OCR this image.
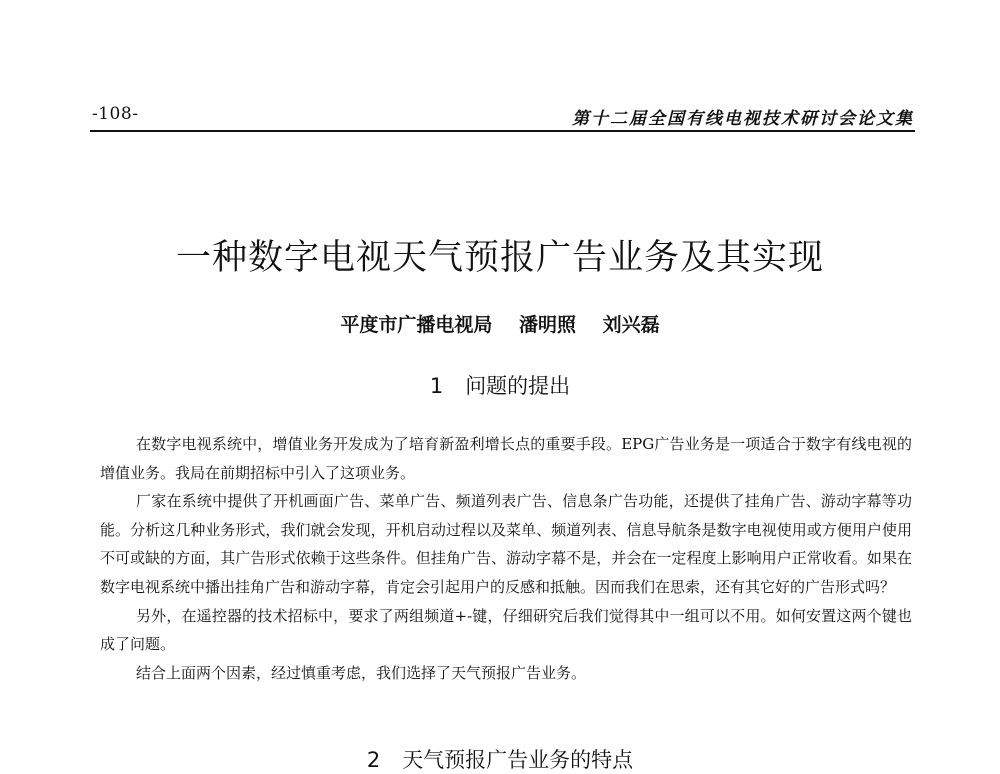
-108-	第十二届全国有线电视技术研讨会论文集
一种数字电视天气预报广告业务及其实现
平度市广播电视局 潘明照 刘兴磊
1 问题的提出

在数字电视系统中，增值业务开发成为了培育新盈利增长点的重要手段。EPG广告业务是一项适合于数字有线电视的增值业务。我局在前期招标中引入了这项业务。

厂家在系统中提供了开机画面广告、菜单广告、频道列表广告、信息条广告功能，还提供了挂角广告、游动字幕等功能。分析这几种业务形式，我们就会发现，开机启动过程以及菜单、频道列表、信息导航条是数字电视使用或方便用户使用不可或缺的方面，其广告形式依赖于这些条件。但挂角广告、游动字幕不是，并会在一定程度上影响用户正常收看。如果在数字电视系统中播出挂角广告和游动字幕，肯定会引起用户的反感和抵触。因而我们在思索，还有其它好的广告形式吗？

另外，在遥控器的技术招标中，要求了两组频道+-键，仔细研究后我们觉得其中一组可以不用。如何安置这两个键也成了问题。

结合上面两个因素，经过慎重考虑，我们选择了天气预报广告业务。

2 天气预报广告业务的特点
